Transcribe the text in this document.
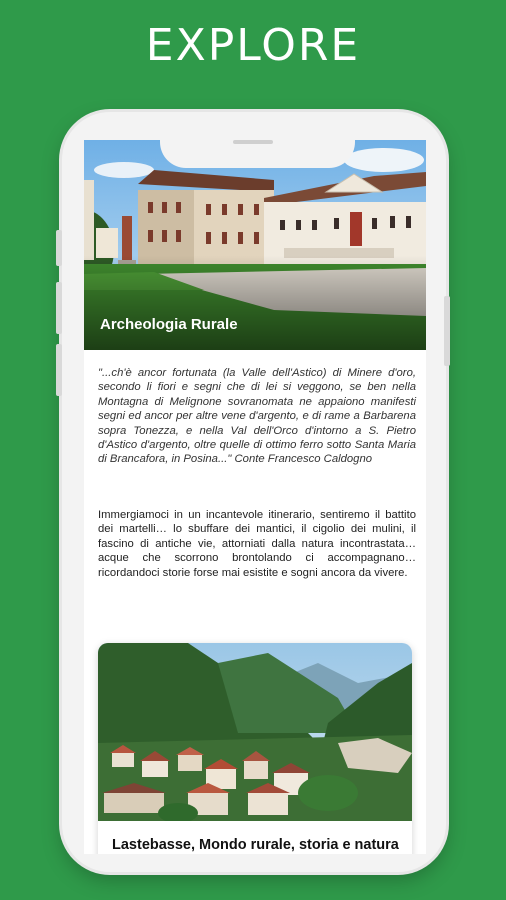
EXPLORE
Archeologia Rurale

"...ch'è ancor fortunata (la Valle dell'Astico) di Minere d'oro, secondo li fiori e segni che di lei si veggono, se ben nella Montagna di Melignone sovranomata ne appaiono manifesti segni ed ancor per altre vene d'argento, e di rame a Barbarena sopra Tonezza, e nella Val dell'Orco d'intorno a S. Pietro d'Astico d'argento, oltre quelle di ottimo ferro sotto Santa Maria di Brancafora, in Posina..." Conte Francesco Caldogno

Immergiamoci in un incantevole itinerario, sentiremo il battito dei martelli… lo sbuffare dei mantici, il cigolio dei mulini, il fascino di antiche vie, attorniati dalla natura incontrastata… acque che scorrono brontolando ci accompagnano… ricordandoci storie forse mai esistite e sogni ancora da vivere.

Lastebasse, Mondo rurale, storia e natura
